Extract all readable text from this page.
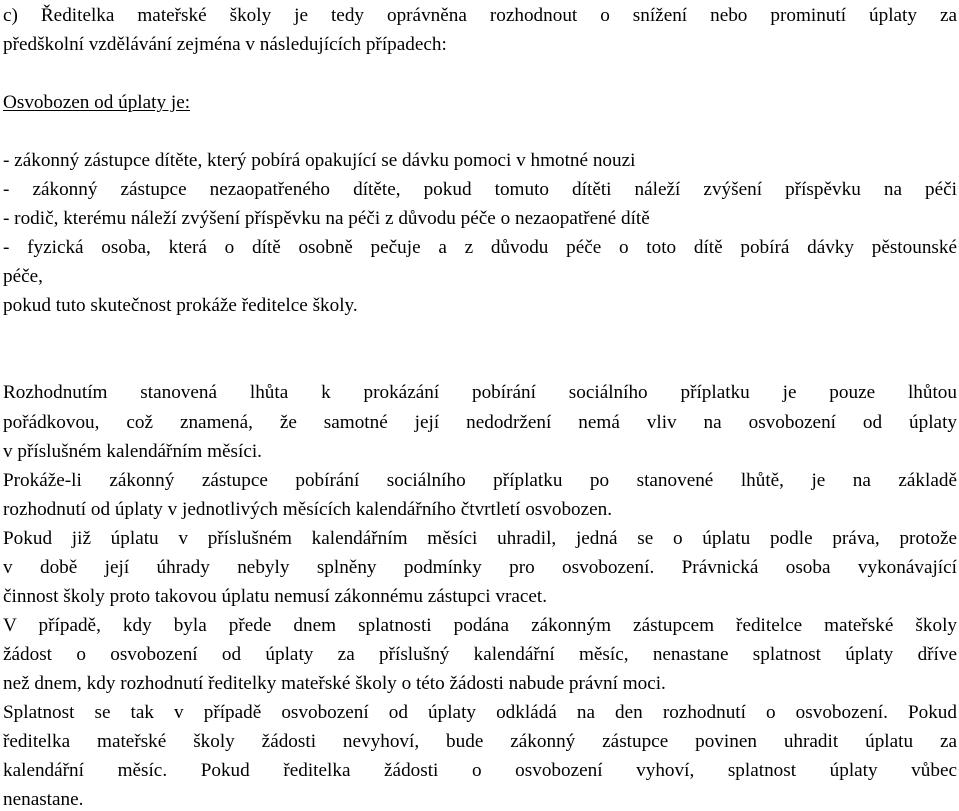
c) Ředitelka mateřské školy je tedy oprávněna rozhodnout o snížení nebo prominutí úplaty za
předškolní vzdělávání zejména v následujících případech:
Osvobozen od úplaty je:
- zákonný zástupce dítěte, který pobírá opakující se dávku pomoci v hmotné nouzi
- zákonný zástupce nezaopatřeného dítěte, pokud tomuto dítěti náleží zvýšení příspěvku na péči
- rodič, kterému náleží zvýšení příspěvku na péči z důvodu péče o nezaopatřené dítě
- fyzická osoba, která o dítě osobně pečuje a z důvodu péče o toto dítě pobírá dávky pěstounské
péče,
pokud tuto skutečnost prokáže ředitelce školy.
Rozhodnutím stanovená lhůta k prokázání pobírání sociálního příplatku je pouze lhůtou
pořádkovou, což znamená, že samotné její nedodržení nemá vliv na osvobození od úplaty
v příslušném kalendářním měsíci.
Prokáže-li zákonný zástupce pobírání sociálního příplatku po stanovené lhůtě, je na základě
rozhodnutí od úplaty v jednotlivých měsících kalendářního čtvrtletí osvobozen.
Pokud již úplatu v příslušném kalendářním měsíci uhradil, jedná se o úplatu podle práva, protože
v době její úhrady nebyly splněny podmínky pro osvobození. Právnická osoba vykonávající
činnost školy proto takovou úplatu nemusí zákonnému zástupci vracet.
V případě, kdy byla přede dnem splatnosti podána zákonným zástupcem ředitelce mateřské školy
žádost o osvobození od úplaty za příslušný kalendářní měsíc, nenastane splatnost úplaty dříve
než dnem, kdy rozhodnutí ředitelky mateřské školy o této žádosti nabude právní moci.
Splatnost se tak v případě osvobození od úplaty odkládá na den rozhodnutí o osvobození. Pokud
ředitelka mateřské školy žádosti nevyhoví, bude zákonný zástupce povinen uhradit úplatu za
kalendářní měsíc. Pokud ředitelka žádosti o osvobození vyhoví, splatnost úplaty vůbec
nenastane.
